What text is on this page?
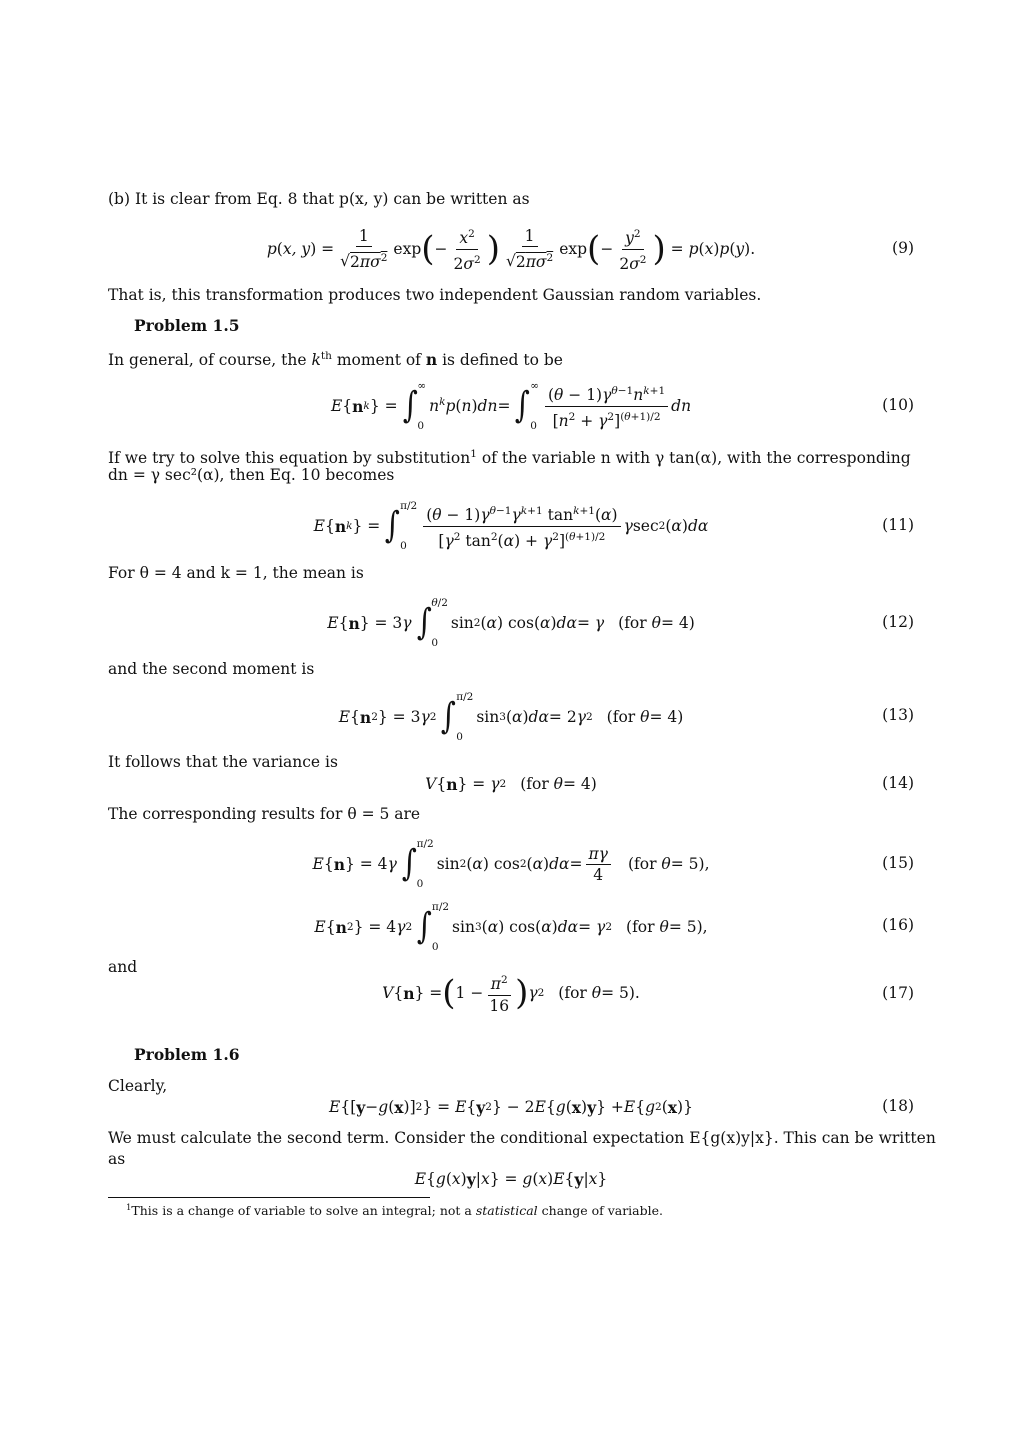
(b) It is clear from Eq. 8 that p(x, y) can be written as
p ( x, y ) = $\frac{1}{√2\pi\sigma^2}$ exp ( − $\frac{x^2}{2\sigma^2}$ ) $\frac{1}{√2\pi\sigma^2}$ exp ( − $\frac{y^2}{2\sigma^2}$ ) = p ( x ) p ( y ).	(9)
That is, this transformation produces two independent Gaussian random variables.
Problem 1.5
In general, of course, the $k^{th}$ moment of n is defined to be
E { n k } = ∫ ∞
0
$n^kp$ ( n ) dn = ∫ ∞
$0 \frac{(\theta - 1)\gamma^{\theta-1}n^{k+1}}{[n^2 + \gamma^2]^{(\theta+1)/2}}$ dn	(10)
If we try to solve this equation by substitution$^1$ of the variable n with γ tan(α), with the corresponding
dn = γ sec²(α), then Eq. 10 becomes
E { n k } = ∫ π/2
0	$\frac{(\theta - 1)\gamma^{\theta-1}\gamma^{k+1} \tan^{k+1}(\alpha)}{[\gamma^2 \tan^2(\alpha) + \gamma^2]^{(\theta+1)/2}}$ γ sec 2 ( α ) dα	(11)
For θ = 4 and k = 1, the mean is
E { n } = 3 γ ∫ θ/2
0
sin 2 ( α ) cos( α ) dα = γ (for θ = 4)	(12)
and the second moment is
E { n 2 } = 3 γ 2 ∫ π/2
0
sin 3 ( α ) dα = 2 γ 2 (for θ = 4)	(13)
It follows that the variance is
V { n } = γ 2 (for θ = 4)	(14)
The corresponding results for θ = 5 are
E { n } = 4 γ ∫ π/2
0
sin 2 ( α ) cos 2 ( α ) $d\alpha = \frac{\pi\gamma}{4} (for$ θ = 5),	(15)
E { n 2 } = 4 γ 2 ∫ π/2
0
sin 3 ( α ) cos( α ) dα = γ 2 (for θ = 5),	(16)
and
V { n } = ( $1 - \frac{\pi^2}{16}$ ) γ 2 (for θ = 5).	(17)
Problem 1.6
Clearly,
E {[ y − g ( x )] 2 } = E { y 2 } − 2 E { g ( x ) y } + E { g 2 ( x )}	(18)
We must calculate the second term. Consider the conditional expectation E{g(x)y|x}. This can be written
as
E { g ( x ) y | x } = g ( x ) E { y | x }
$^1$This is a change of variable to solve an integral; not a statistical change of variable.
